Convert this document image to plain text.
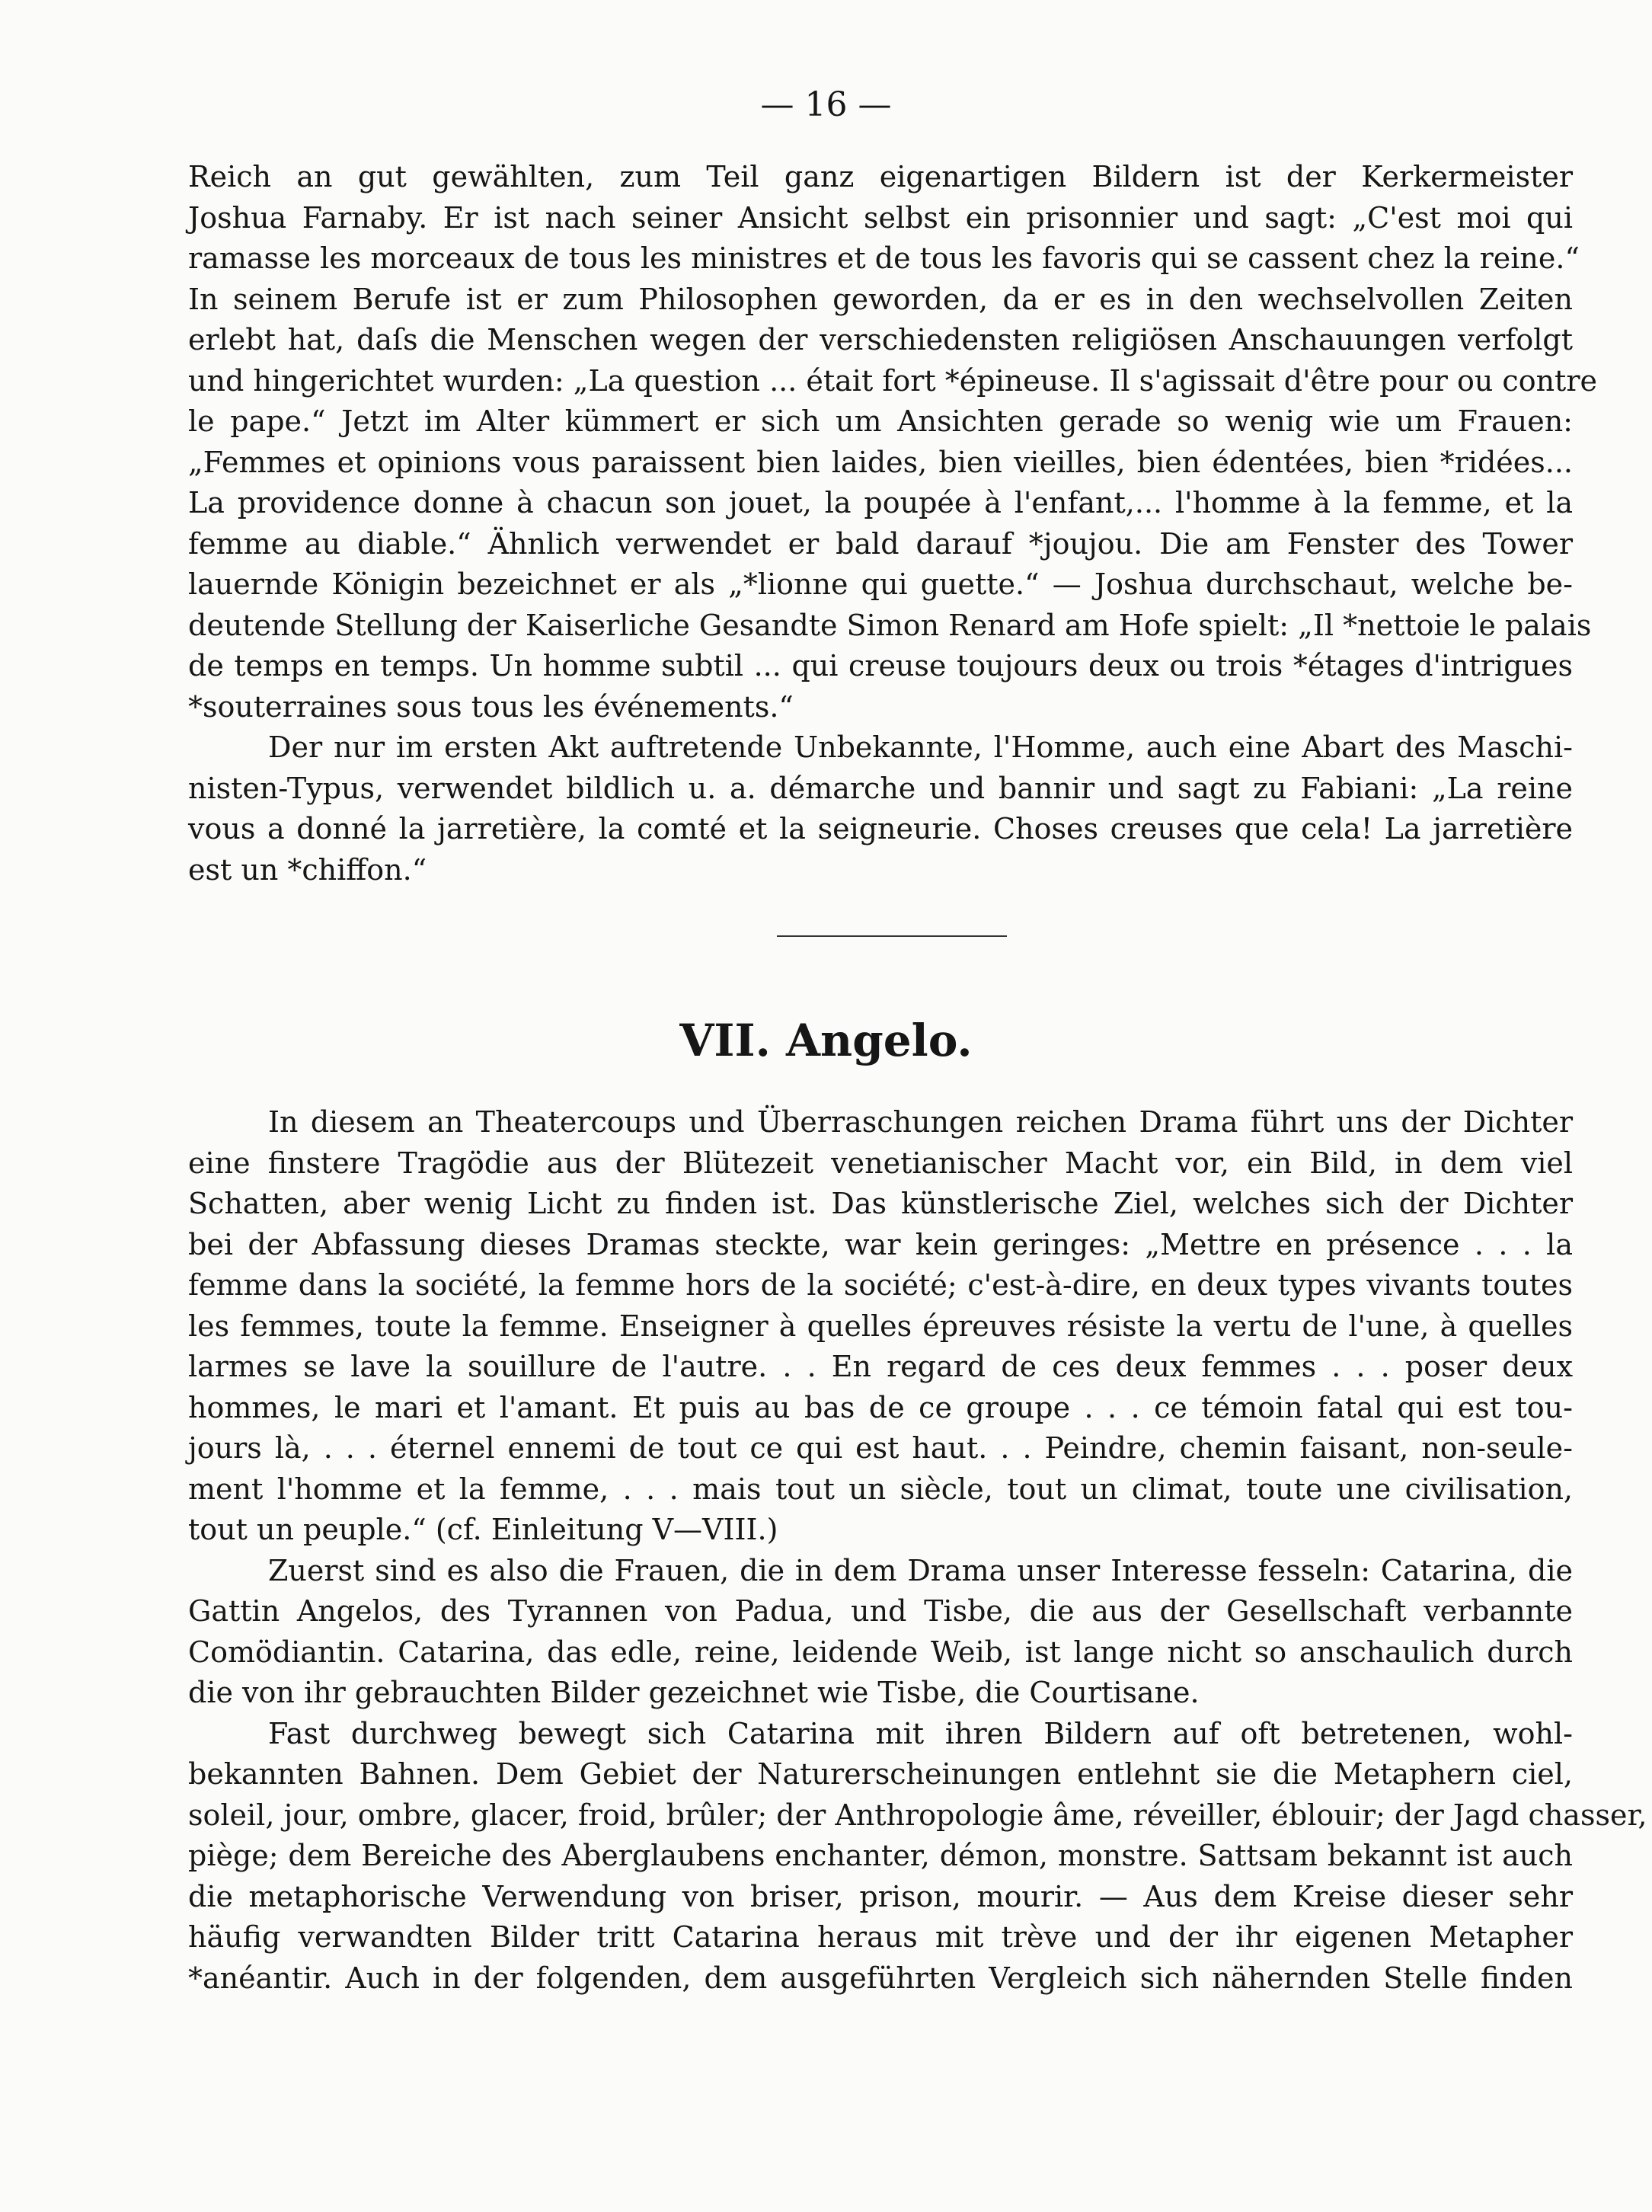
— 16 —
Reich an gut gewählten, zum Teil ganz eigenartigen Bildern ist der Kerkermeister
Joshua Farnaby. Er ist nach seiner Ansicht selbst ein prisonnier und sagt: „C'est moi qui
ramasse les morceaux de tous les ministres et de tous les favoris qui se cassent chez la reine.“
In seinem Berufe ist er zum Philosophen geworden, da er es in den wechselvollen Zeiten
erlebt hat, daſs die Menschen wegen der verschiedensten religiösen Anschauungen verfolgt
und hingerichtet wurden: „La question ... était fort *épineuse. Il s'agissait d'être pour ou contre
le pape.“ Jetzt im Alter kümmert er sich um Ansichten gerade so wenig wie um Frauen:
„Femmes et opinions vous paraissent bien laides, bien vieilles, bien édentées, bien *ridées...
La providence donne à chacun son jouet, la poupée à l'enfant,... l'homme à la femme, et la
femme au diable.“ Ähnlich verwendet er bald darauf *joujou. Die am Fenster des Tower
lauernde Königin bezeichnet er als „*lionne qui guette.“ — Joshua durchschaut, welche be-
deutende Stellung der Kaiserliche Gesandte Simon Renard am Hofe spielt: „Il *nettoie le palais
de temps en temps. Un homme subtil ... qui creuse toujours deux ou trois *étages d'intrigues
*souterraines sous tous les événements.“
Der nur im ersten Akt auftretende Unbekannte, l'Homme, auch eine Abart des Maschi-
nisten-Typus, verwendet bildlich u. a. démarche und bannir und sagt zu Fabiani: „La reine
vous a donné la jarretière, la comté et la seigneurie. Choses creuses que cela! La jarretière
est un *chiffon.“
VII. Angelo.
In diesem an Theatercoups und Überraschungen reichen Drama führt uns der Dichter
eine finstere Tragödie aus der Blütezeit venetianischer Macht vor, ein Bild, in dem viel
Schatten, aber wenig Licht zu finden ist. Das künstlerische Ziel, welches sich der Dichter
bei der Abfassung dieses Dramas steckte, war kein geringes: „Mettre en présence . . . la
femme dans la société, la femme hors de la société; c'est-à-dire, en deux types vivants toutes
les femmes, toute la femme. Enseigner à quelles épreuves résiste la vertu de l'une, à quelles
larmes se lave la souillure de l'autre. . . En regard de ces deux femmes . . . poser deux
hommes, le mari et l'amant. Et puis au bas de ce groupe . . . ce témoin fatal qui est tou-
jours là, . . . éternel ennemi de tout ce qui est haut. . . Peindre, chemin faisant, non-seule-
ment l'homme et la femme, . . . mais tout un siècle, tout un climat, toute une civilisation,
tout un peuple.“ (cf. Einleitung V—VIII.)
Zuerst sind es also die Frauen, die in dem Drama unser Interesse fesseln: Catarina, die
Gattin Angelos, des Tyrannen von Padua, und Tisbe, die aus der Gesellschaft verbannte
Comödiantin. Catarina, das edle, reine, leidende Weib, ist lange nicht so anschaulich durch
die von ihr gebrauchten Bilder gezeichnet wie Tisbe, die Courtisane.
Fast durchweg bewegt sich Catarina mit ihren Bildern auf oft betretenen, wohl-
bekannten Bahnen. Dem Gebiet der Naturerscheinungen entlehnt sie die Metaphern ciel,
soleil, jour, ombre, glacer, froid, brûler; der Anthropologie âme, réveiller, éblouir; der Jagd chasser,
piège; dem Bereiche des Aberglaubens enchanter, démon, monstre. Sattsam bekannt ist auch
die metaphorische Verwendung von briser, prison, mourir. — Aus dem Kreise dieser sehr
häufig verwandten Bilder tritt Catarina heraus mit trève und der ihr eigenen Metapher
*anéantir. Auch in der folgenden, dem ausgeführten Vergleich sich nähernden Stelle finden
